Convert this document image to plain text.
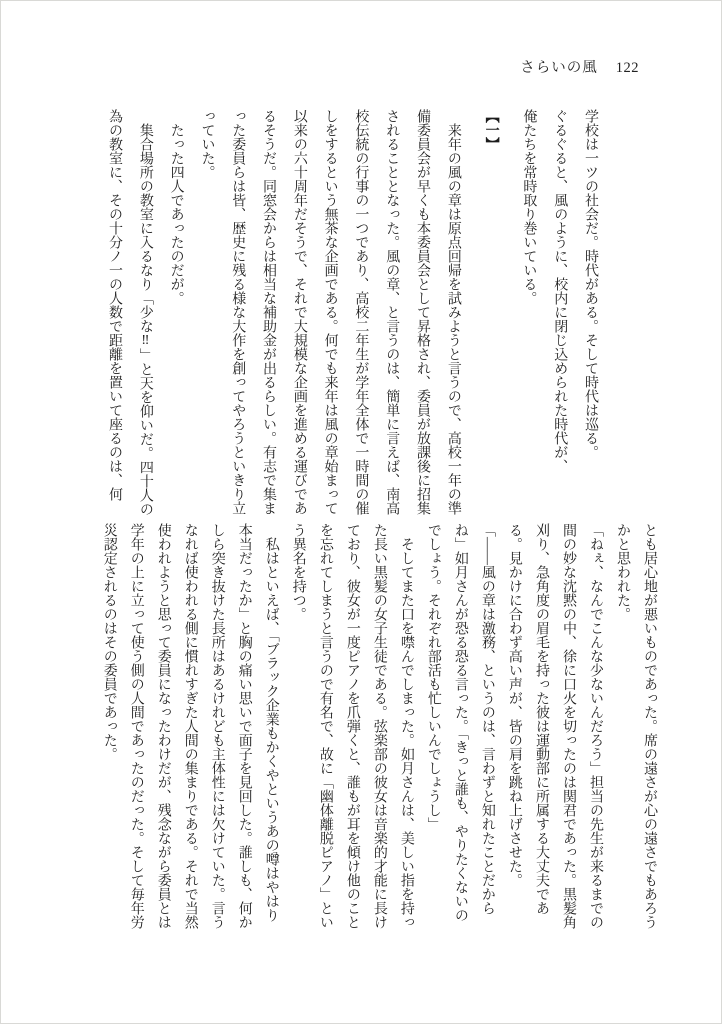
さらいの風 122

学校は一ツの社会だ。時代がある。そして時代は巡る。

ぐるぐると、風のように、校内に閉じ込められた時代が、

俺たちを常時取り巻いている。

【一】

　来年の風の章は原点回帰を試みようと言うので、高校一年の準備委員会が早くも本委員会として昇格され、委員が放課後に招集されることとなった。風の章、と言うのは、簡単に言えば、南高校伝統の行事の一つであり、高校二年生が学年全体で一時間の催しをするという無茶な企画である。何でも来年は風の章始まって以来の六十周年だそうで、それで大規模な企画を進める運びであるそうだ。同窓会からは相当な補助金が出るらしい。有志で集まった委員らは皆、歴史に残る様な大作を創ってやろうといきり立っていた。

　たった四人であったのだが。

　集合場所の教室に入るなり「少な‼」と天を仰いだ。四十人の為の教室に、その十分ノ一の人数で距離を置いて座るのは、何

とも居心地が悪いものであった。席の遠さが心の遠さでもあろうかと思われた。

「ねぇ、なんでこんな少ないんだろう」担当の先生が来るまでの間の妙な沈黙の中、徐に口火を切ったのは関君であった。黒髪角刈り、急角度の眉毛を持った彼は運動部に所属する大丈夫である。見かけに合わず高い声が、皆の肩を跳ね上げさせた。

「――風の章は激務、というのは、言わずと知れたことだからね」如月さんが恐る恐る言った。「きっと誰も、やりたくないのでしょう。それぞれ部活も忙しいんでしょうし」

　そしてまた口を噤んでしまった。如月さんは、美しい指を持った長い黒髪の女子生徒である。弦楽部の彼女は音楽的才能に長けており、彼女が一度ピアノを爪弾くと、誰もが耳を傾け他のことを忘れてしまうと言うので有名で、故に「幽体離脱ピアノ」という異名を持つ。

　私はといえば、「ブラック企業もかくやというあの噂はやはり本当だったか」と胸の痛い思いで面子を見回した。誰しも、何かしら突き抜けた長所はあるけれども主体性には欠けていた。言うなれば使われる側に慣れすぎた人間の集まりである。それで当然使われようと思って委員になったわけだが、残念ながら委員とは学年の上に立って使う側の人間であったのだった。そして毎年労災認定されるのはその委員であった。
